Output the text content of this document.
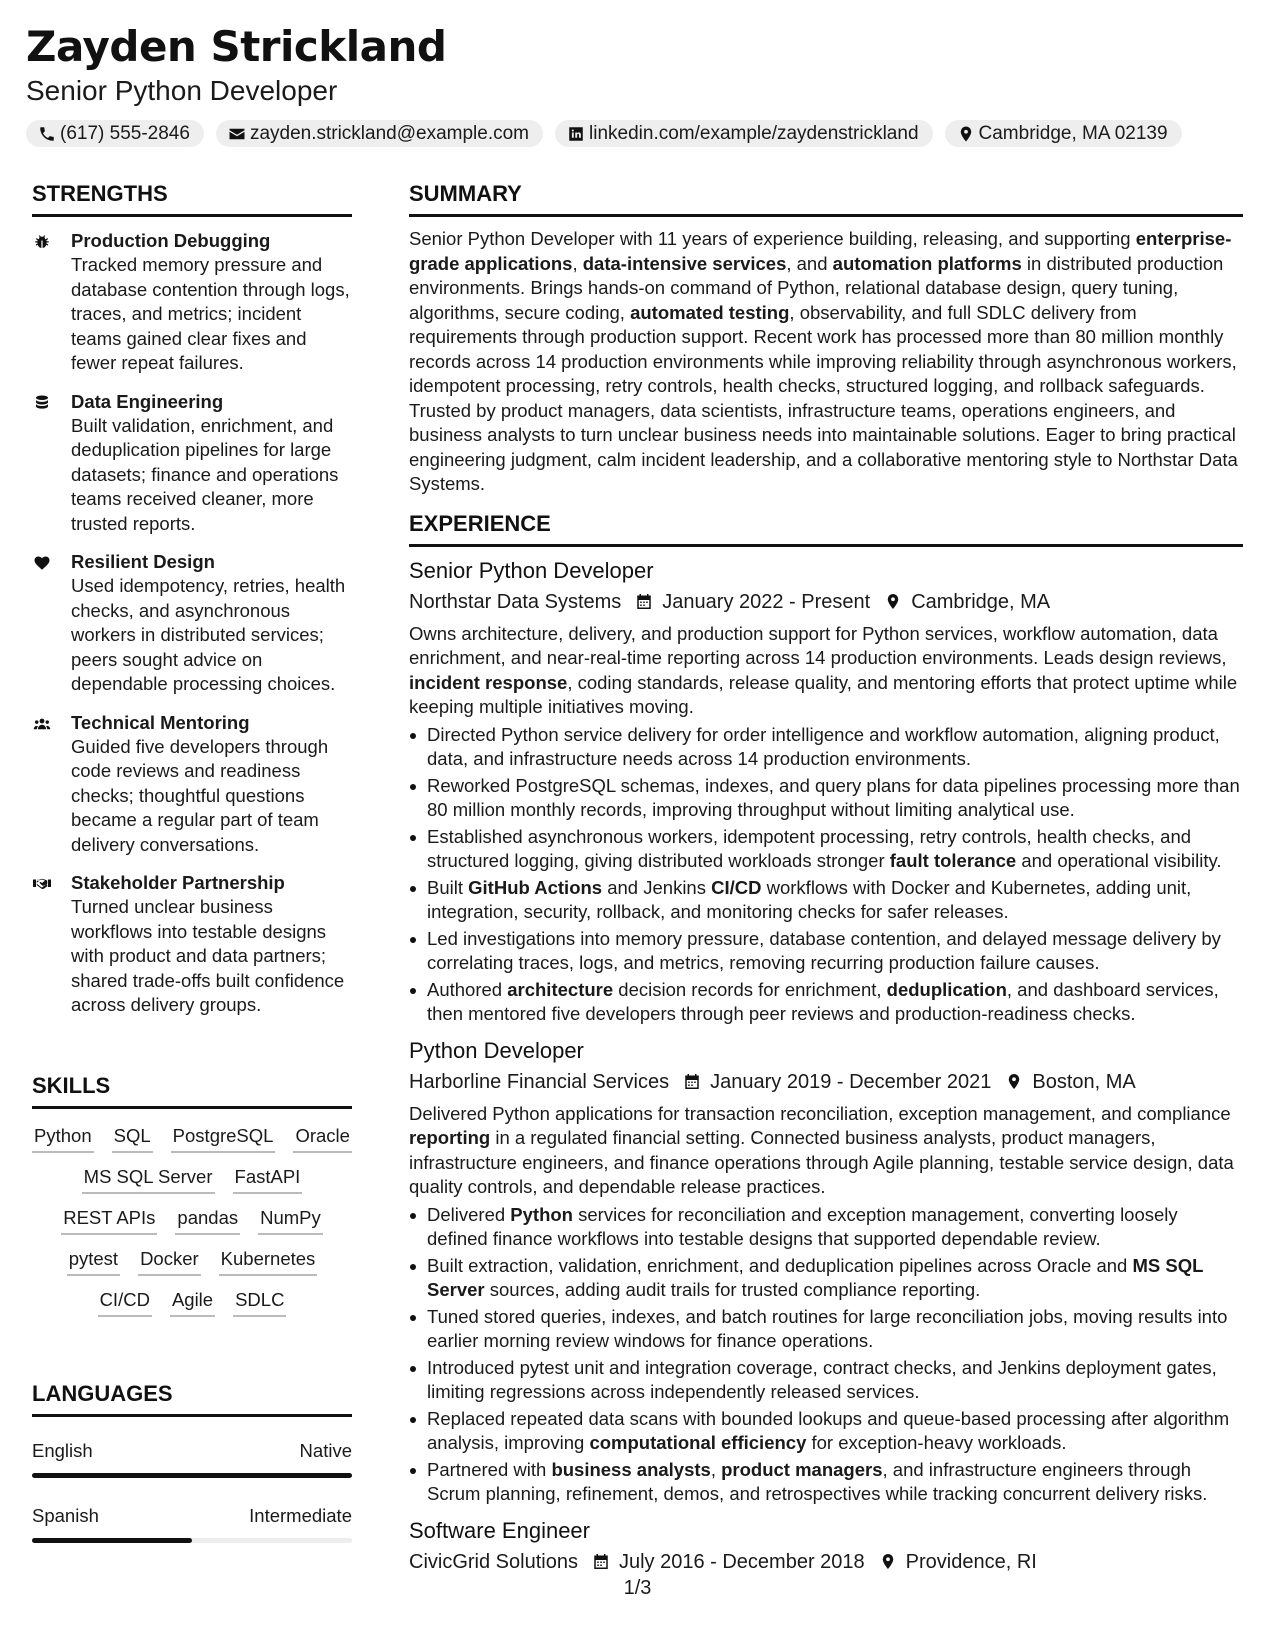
Zayden Strickland
Senior Python Developer
(617) 555-2846	zayden.strickland@example.com	linkedin.com/example/zaydenstrickland	Cambridge, MA 02139
STRENGTHS
Production Debugging
Tracked memory pressure and database contention through logs, traces, and metrics; incident teams gained clear fixes and fewer repeat failures.
Data Engineering
Built validation, enrichment, and deduplication pipelines for large datasets; finance and operations teams received cleaner, more trusted reports.
Resilient Design
Used idempotency, retries, health checks, and asynchronous workers in distributed services; peers sought advice on dependable processing choices.
Technical Mentoring
Guided five developers through code reviews and readiness checks; thoughtful questions became a regular part of team delivery conversations.
Stakeholder Partnership
Turned unclear business workflows into testable designs with product and data partners; shared trade-offs built confidence across delivery groups.
SKILLS
Python SQL PostgreSQL Oracle
MS SQL Server FastAPI
REST APIs pandas NumPy
pytest Docker Kubernetes
CI/CD Agile SDLC
LANGUAGES
English	Native
Spanish	Intermediate
SUMMARY
Senior Python Developer with 11 years of experience building, releasing, and supporting enterprise-grade applications, data-intensive services, and automation platforms in distributed production environments. Brings hands-on command of Python, relational database design, query tuning, algorithms, secure coding, automated testing, observability, and full SDLC delivery from requirements through production support. Recent work has processed more than 80 million monthly records across 14 production environments while improving reliability through asynchronous workers, idempotent processing, retry controls, health checks, structured logging, and rollback safeguards. Trusted by product managers, data scientists, infrastructure teams, operations engineers, and business analysts to turn unclear business needs into maintainable solutions. Eager to bring practical engineering judgment, calm incident leadership, and a collaborative mentoring style to Northstar Data Systems.
EXPERIENCE
Senior Python Developer
Northstar Data Systems January 2022 - Present Cambridge, MA
Owns architecture, delivery, and production support for Python services, workflow automation, data enrichment, and near-real-time reporting across 14 production environments. Leads design reviews, incident response, coding standards, release quality, and mentoring efforts that protect uptime while keeping multiple initiatives moving.
Directed Python service delivery for order intelligence and workflow automation, aligning product, data, and infrastructure needs across 14 production environments.
Reworked PostgreSQL schemas, indexes, and query plans for data pipelines processing more than 80 million monthly records, improving throughput without limiting analytical use.
Established asynchronous workers, idempotent processing, retry controls, health checks, and structured logging, giving distributed workloads stronger fault tolerance and operational visibility.
Built GitHub Actions and Jenkins CI/CD workflows with Docker and Kubernetes, adding unit, integration, security, rollback, and monitoring checks for safer releases.
Led investigations into memory pressure, database contention, and delayed message delivery by correlating traces, logs, and metrics, removing recurring production failure causes.
Authored architecture decision records for enrichment, deduplication, and dashboard services, then mentored five developers through peer reviews and production-readiness checks.
Python Developer
Harborline Financial Services January 2019 - December 2021 Boston, MA
Delivered Python applications for transaction reconciliation, exception management, and compliance reporting in a regulated financial setting. Connected business analysts, product managers, infrastructure engineers, and finance operations through Agile planning, testable service design, data quality controls, and dependable release practices.
Delivered Python services for reconciliation and exception management, converting loosely defined finance workflows into testable designs that supported dependable review.
Built extraction, validation, enrichment, and deduplication pipelines across Oracle and MS SQL Server sources, adding audit trails for trusted compliance reporting.
Tuned stored queries, indexes, and batch routines for large reconciliation jobs, moving results into earlier morning review windows for finance operations.
Introduced pytest unit and integration coverage, contract checks, and Jenkins deployment gates, limiting regressions across independently released services.
Replaced repeated data scans with bounded lookups and queue-based processing after algorithm analysis, improving computational efficiency for exception-heavy workloads.
Partnered with business analysts, product managers, and infrastructure engineers through Scrum planning, refinement, demos, and retrospectives while tracking concurrent delivery risks.
Software Engineer
CivicGrid Solutions July 2016 - December 2018 Providence, RI
1/3
